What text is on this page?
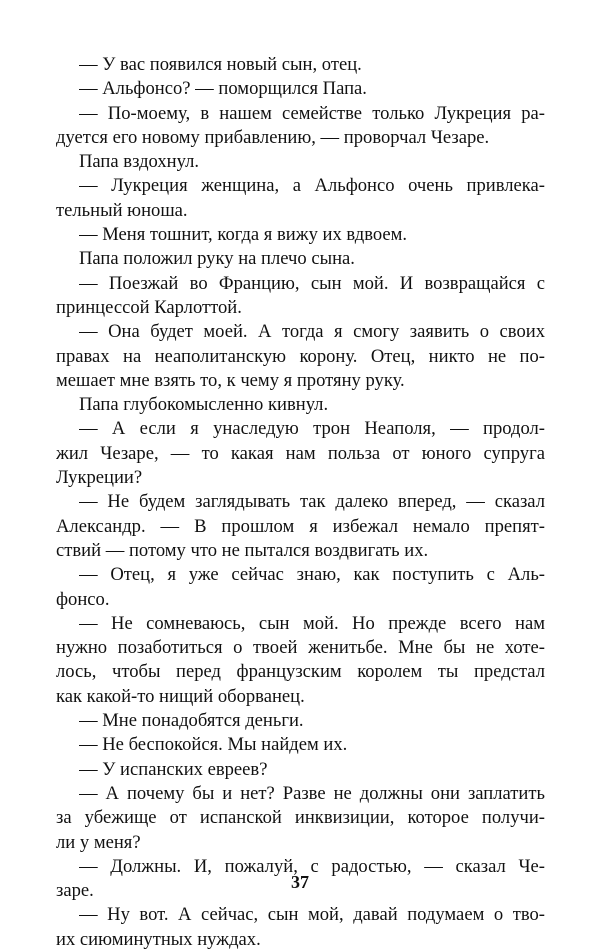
— У вас появился новый сын, отец.
— Альфонсо? — поморщился Папа.
— По-моему, в нашем семействе только Лукреция ра-
дуется его новому прибавлению, — проворчал Чезаре.
Папа вздохнул.
— Лукреция женщина, а Альфонсо очень привлека-
тельный юноша.
— Меня тошнит, когда я вижу их вдвоем.
Папа положил руку на плечо сына.
— Поезжай во Францию, сын мой. И возвращайся с
принцессой Карлоттой.
— Она будет моей. А тогда я смогу заявить о своих
правах на неаполитанскую корону. Отец, никто не по-
мешает мне взять то, к чему я протяну руку.
Папа глубокомысленно кивнул.
— А если я унаследую трон Неаполя, — продол-
жил Чезаре, — то какая нам польза от юного супруга
Лукреции?
— Не будем заглядывать так далеко вперед, — сказал
Александр. — В прошлом я избежал немало препят-
ствий — потому что не пытался воздвигать их.
— Отец, я уже сейчас знаю, как поступить с Аль-
фонсо.
— Не сомневаюсь, сын мой. Но прежде всего нам
нужно позаботиться о твоей женитьбе. Мне бы не хоте-
лось, чтобы перед французским королем ты предстал
как какой-то нищий оборванец.
— Мне понадобятся деньги.
— Не беспокойся. Мы найдем их.
— У испанских евреев?
— А почему бы и нет? Разве не должны они заплатить
за убежище от испанской инквизиции, которое получи-
ли у меня?
— Должны. И, пожалуй, с радостью, — сказал Че-
заре.
— Ну вот. А сейчас, сын мой, давай подумаем о тво-
их сиюминутных нуждах.
37
